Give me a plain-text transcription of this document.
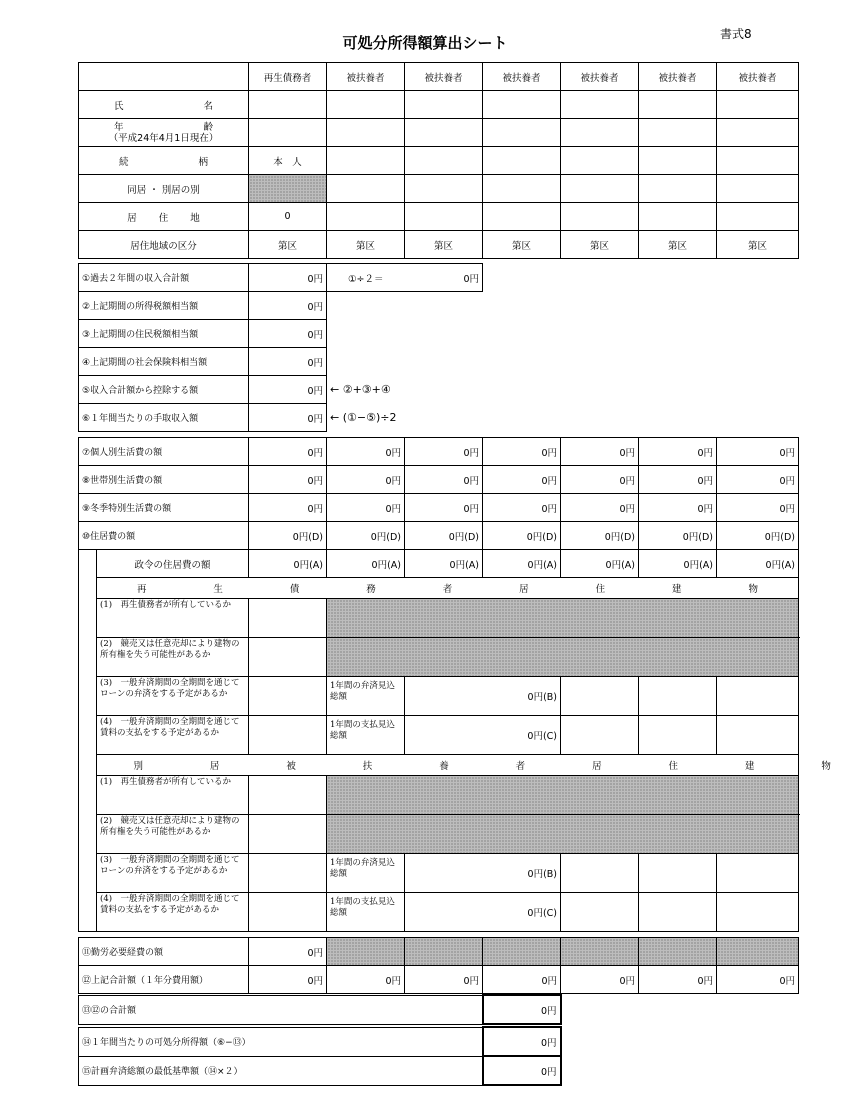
書式8
可処分所得額算出シート
	再生債務者	被扶養者	被扶養者	被扶養者	被扶養者	被扶養者	被扶養者
氏 名							

年 齢
（平成24年4月1日現在）							

続 柄	本　人						
同居 ・ 別居の別							
居 住 地	0						
居住地域の区分	第区	第区	第区	第区	第区	第区	第区
①過去２年間の収入合計額	0円	①÷２＝	0円
②上記期間の所得税額相当額	0円		
③上記期間の住民税額相当額	0円		
④上記期間の社会保険料相当額	0円		
⑤収入合計額から控除する額	0円	← ②+③+④	
⑥１年間当たりの手取収入額	0円	← (①−⑤)÷2	
⑦個人別生活費の額		0円	0円	0円	0円	0円	0円	0円
⑧世帯別生活費の額		0円	0円	0円	0円	0円	0円	0円
⑨冬季特別生活費の額		0円	0円	0円	0円	0円	0円	0円
⑩住居費の額		0円(D)	0円(D)	0円(D)	0円(D)	0円(D)	0円(D)	0円(D)
	政令の住居費の額	0円(A)	0円(A)	0円(A)	0円(A)	0円(A)	0円(A)	0円(A)
	再 生 債 務 者 居 住 建 物							
	(1)　再生債務者が所有しているか							
	(2)　競売又は任意売却により建物の所有権を失う可能性があるか							
	(3)　一般弁済期間の全期間を通じてローンの弁済をする予定があるか		1年間の弁済見込総額	0円(B)				
	(4)　一般弁済期間の全期間を通じて賃料の支払をする予定があるか		1年間の支払見込総額	0円(C)				
	別 居 被 扶 養 者 居 住 建 物							
	(1)　再生債務者が所有しているか							
	(2)　競売又は任意売却により建物の所有権を失う可能性があるか							
	(3)　一般弁済期間の全期間を通じてローンの弁済をする予定があるか		1年間の弁済見込総額	0円(B)				
	(4)　一般弁済期間の全期間を通じて賃料の支払をする予定があるか		1年間の支払見込総額	0円(C)				
⑪勤労必要経費の額	0円						
⑫上記合計額（１年分費用額）	0円	0円	0円	0円	0円	0円	0円
⑬⑫の合計額	0円
⑭１年間当たりの可処分所得額（⑥−⑬）	0円
⑮計画弁済総額の最低基準額（⑭×２）	0円
